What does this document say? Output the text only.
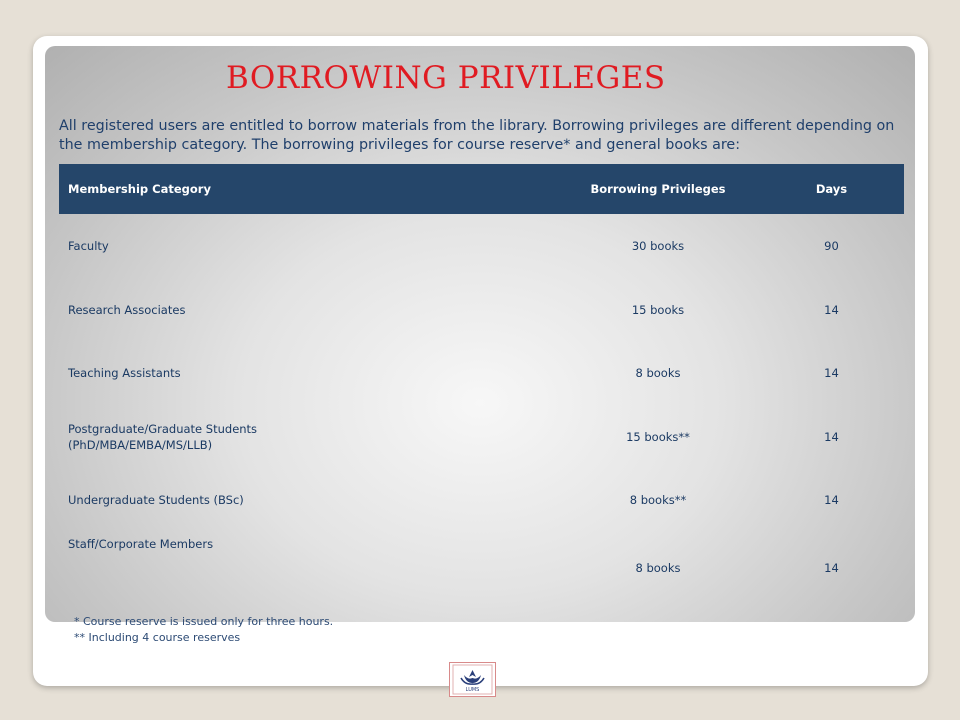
BORROWING PRIVILEGES

All registered users are entitled to borrow materials from the library. Borrowing privileges are different depending on the membership category. The borrowing privileges for course reserve* and general books are:

Membership Category	Borrowing Privileges	Days
Faculty	30 books	90
Research Associates	15 books	14
Teaching Assistants	8 books	14

Postgraduate/Graduate Students
(PhD/MBA/EMBA/MS/LLB)	15 books**	14
Undergraduate Students (BSc)	8 books**	14
Staff/Corporate Members	8 books	14
* Course reserve is issued only for three hours.
** Including 4 course reserves
LUMS
